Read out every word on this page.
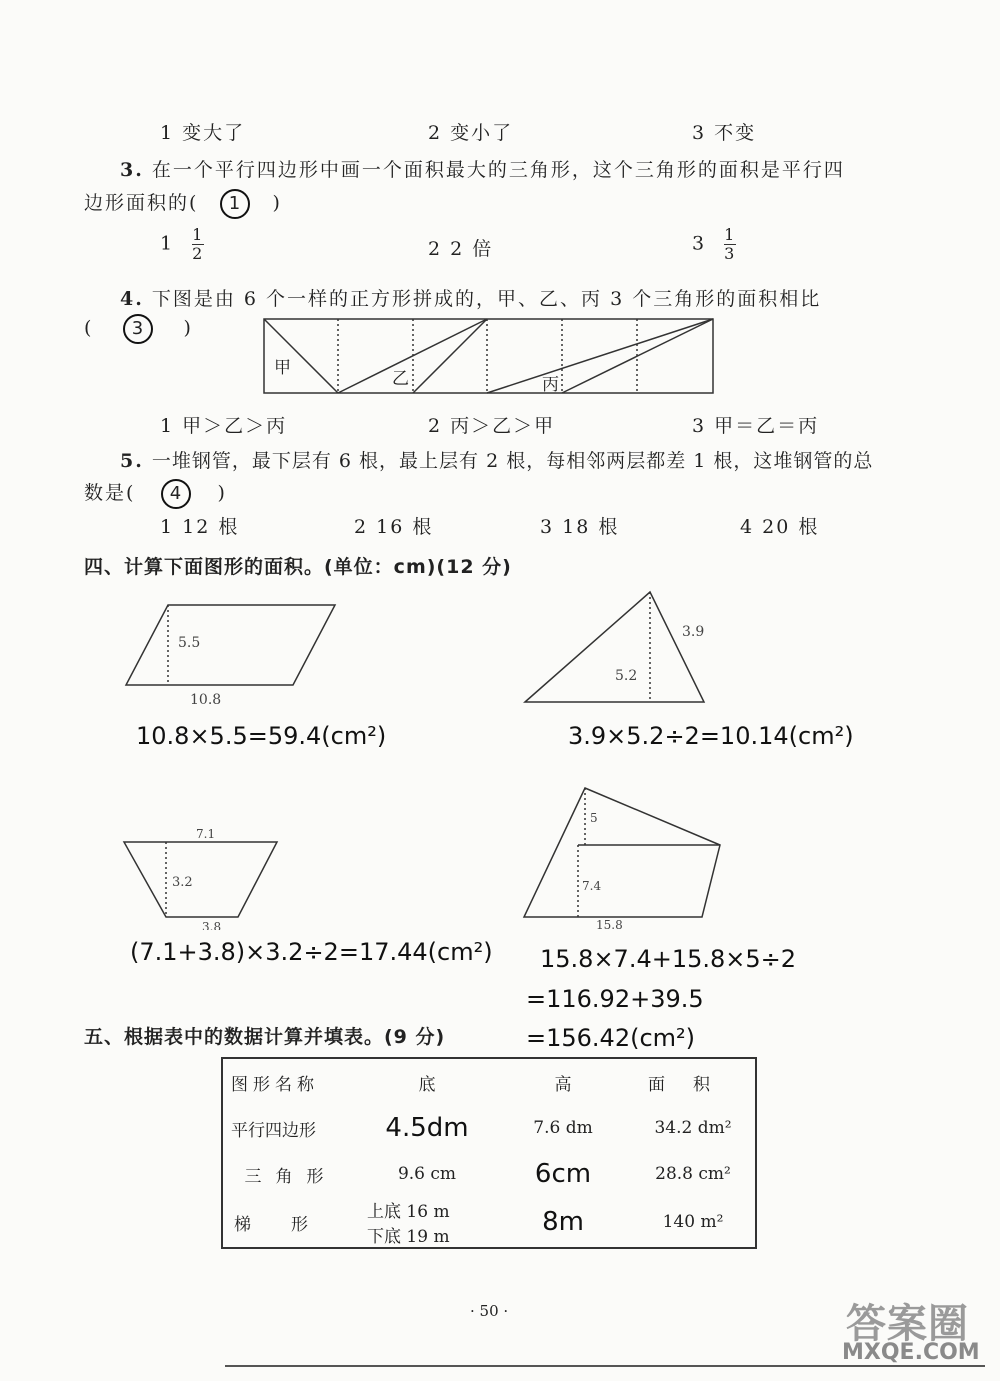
1 变大了	2 变小了	3 不变
3. 在一个平行四边形中画一个面积最大的三角形，这个三角形的面积是平行四
边形面积的( 1 )
$1 \frac{1}{2}$	2 2 倍	$3 \frac{1}{3}$
4. 下图是由 6 个一样的正方形拼成的，甲、乙、丙 3 个三角形的面积相比
( 3 )
甲
乙	丙
1 甲＞乙＞丙	2 丙＞乙＞甲	3 甲＝乙＝丙
5. 一堆钢管，最下层有 6 根，最上层有 2 根，每相邻两层都差 1 根，这堆钢管的总
数是( 4 )
1 12 根	2 16 根	3 18 根	4 20 根
四、计算下面图形的面积。(单位：cm)(12 分)
5.5
10.8
3.9
5.2
7.1
3.2
3.8
5
7.4
15.8
10.8×5.5=59.4(cm²)	3.9×5.2÷2=10.14(cm²)
(7.1+3.8)×3.2÷2=17.44(cm²) 15.8×7.4+15.8×5÷2
=116.92+39.5
=156.42(cm²)
五、根据表中的数据计算并填表。(9 分)
图形名称	底	高	面积
平行四边形	4.5dm	7.6 dm	34.2 dm²
三角形	9.6 cm	6cm	28.8 cm²
梯形	上底 16 m
下底 19 m	8m	140 m²
· 50 ·	答案圈
MXQE.COM
